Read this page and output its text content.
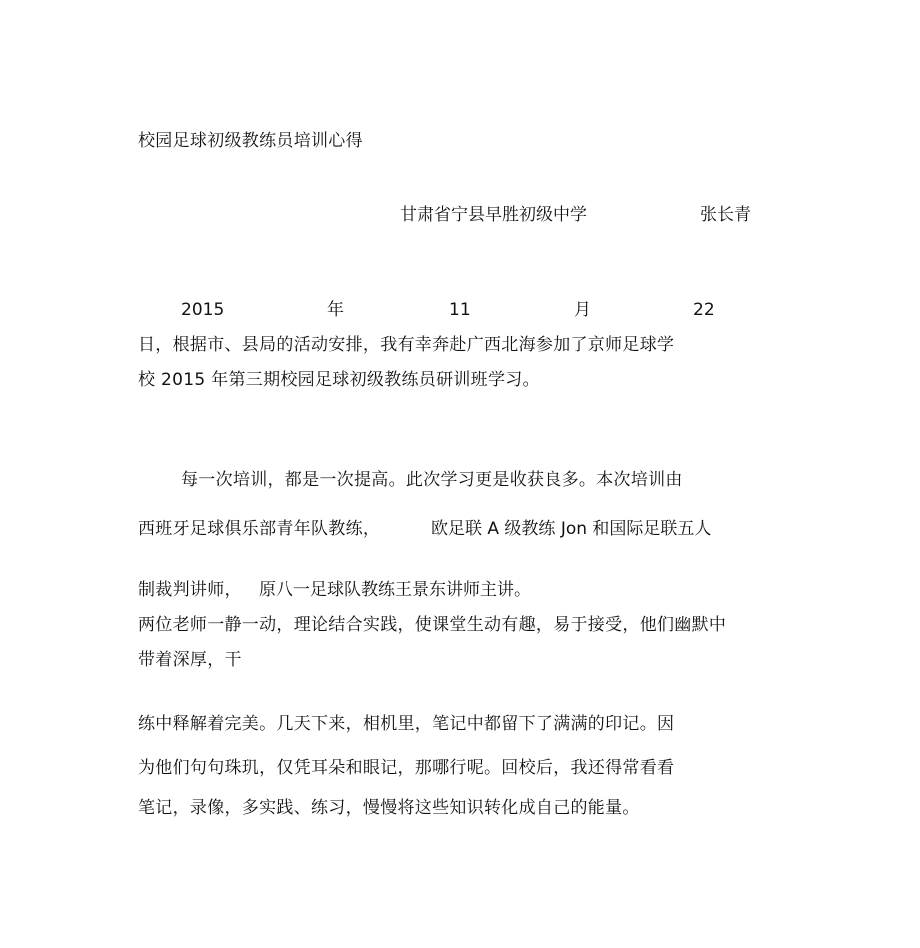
校园足球初级教练员培训心得
甘肃省宁县早胜初级中学	张长青
2015	年	11	月	22
日，根据市、县局的活动安排，我有幸奔赴广西北海参加了京师足球学
校 2015 年第三期校园足球初级教练员研训班学习。
每一次培训，都是一次提高。此次学习更是收获良多。本次培训由
西班牙足球俱乐部青年队教练，	欧足联 A 级教练 Jon 和国际足联五人
制裁判讲师， 原八一足球队教练王景东讲师主讲。
两位老师一静一动，理论结合实践，使课堂生动有趣，易于接受，他们幽默中
带着深厚，干
练中释解着完美。几天下来，相机里，笔记中都留下了满满的印记。因
为他们句句珠玑，仅凭耳朵和眼记，那哪行呢。回校后，我还得常看看
笔记，录像，多实践、练习，慢慢将这些知识转化成自己的能量。
